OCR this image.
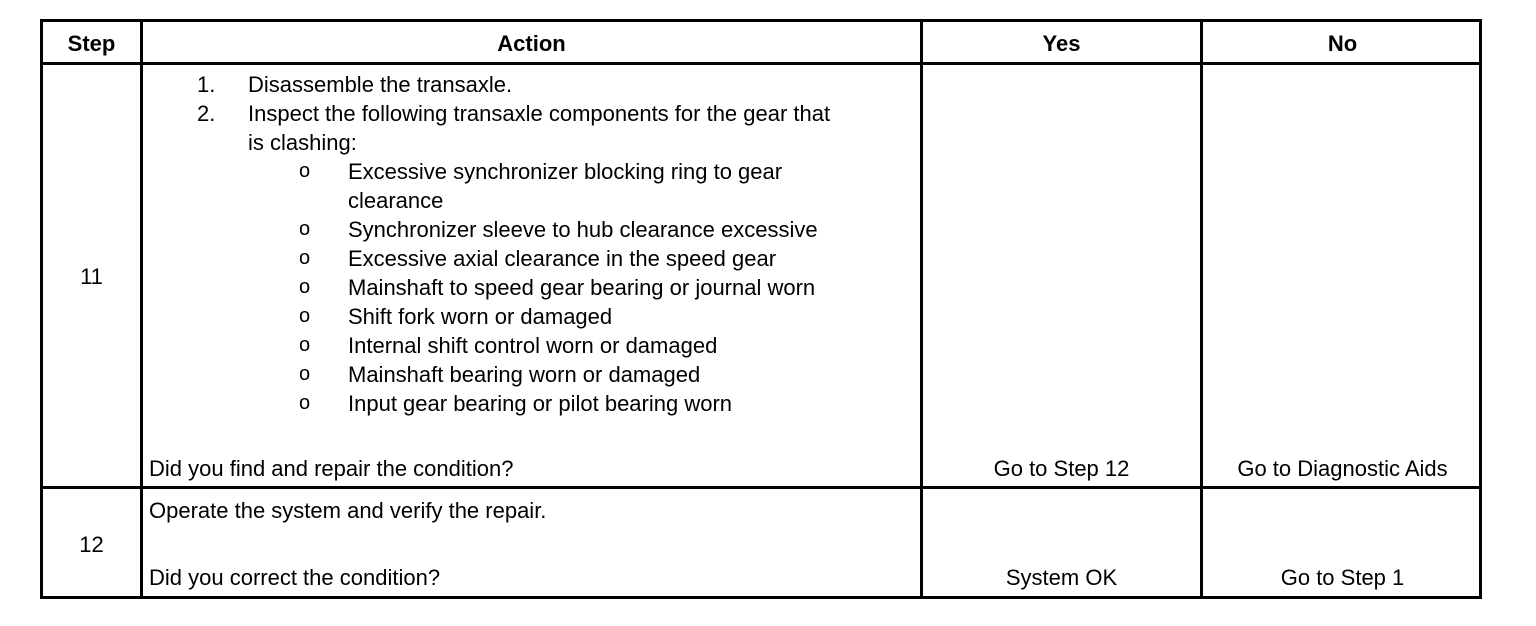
Step	Action	Yes	No
11
1. Disassemble the transaxle.
2. Inspect the following transaxle components for the gear that
is clashing:
o Excessive synchronizer blocking ring to gear
clearance
o Synchronizer sleeve to hub clearance excessive
o Excessive axial clearance in the speed gear
o Mainshaft to speed gear bearing or journal worn
o Shift fork worn or damaged
o Internal shift control worn or damaged
o Mainshaft bearing worn or damaged
o Input gear bearing or pilot bearing worn
Did you find and repair the condition?	Go to Step 12	Go to Diagnostic Aids
12
Operate the system and verify the repair.
Did you correct the condition?	System OK	Go to Step 1
